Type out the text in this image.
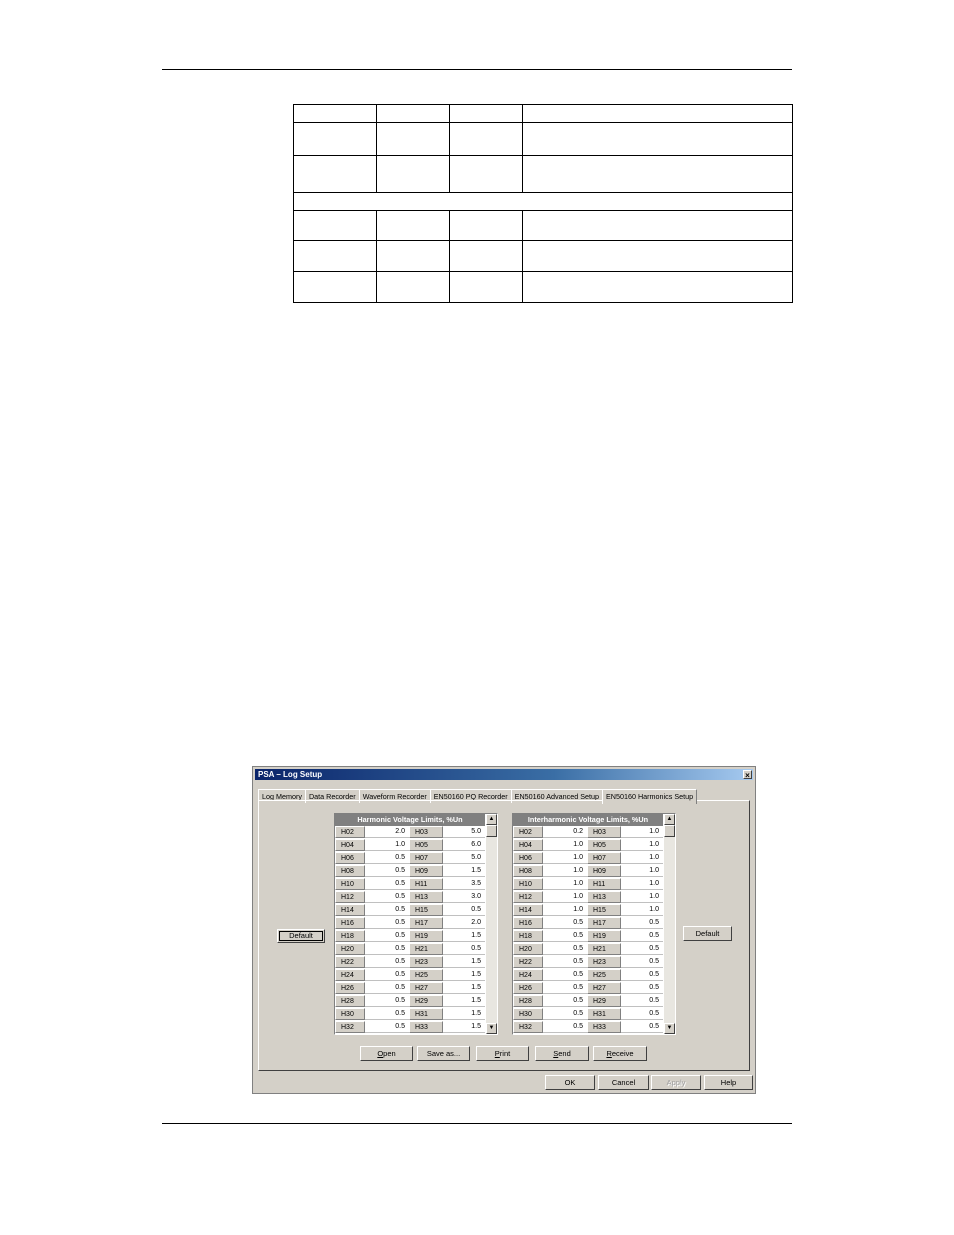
PSA – Log Setup	×
Log Memory Data Recorder Waveform Recorder EN50160 PQ Recorder EN50160 Advanced Setup EN50160 Harmonics Setup
Default	Default
Harmonic Voltage Limits, %Un
H02	2.0	H03	5.0
H04	1.0	H05	6.0
H06	0.5	H07	5.0
H08	0.5	H09	1.5
H10	0.5	H11	3.5
H12	0.5	H13	3.0
H14	0.5	H15	0.5
H16	0.5	H17	2.0
H18	0.5	H19	1.5
H20	0.5	H21	0.5
H22	0.5	H23	1.5
H24	0.5	H25	1.5
H26	0.5	H27	1.5
H28	0.5	H29	1.5
H30	0.5	H31	1.5
H32	0.5	H33	1.5
▲
▼
Interharmonic Voltage Limits, %Un
H02	0.2	H03	1.0
H04	1.0	H05	1.0
H06	1.0	H07	1.0
H08	1.0	H09	1.0
H10	1.0	H11	1.0
H12	1.0	H13	1.0
H14	1.0	H15	1.0
H16	0.5	H17	0.5
H18	0.5	H19	0.5
H20	0.5	H21	0.5
H22	0.5	H23	0.5
H24	0.5	H25	0.5
H26	0.5	H27	0.5
H28	0.5	H29	0.5
H30	0.5	H31	0.5
H32	0.5	H33	0.5
▲
▼
Open	Save as...	Print	Send	Receive
OK	Cancel	Apply	Help
